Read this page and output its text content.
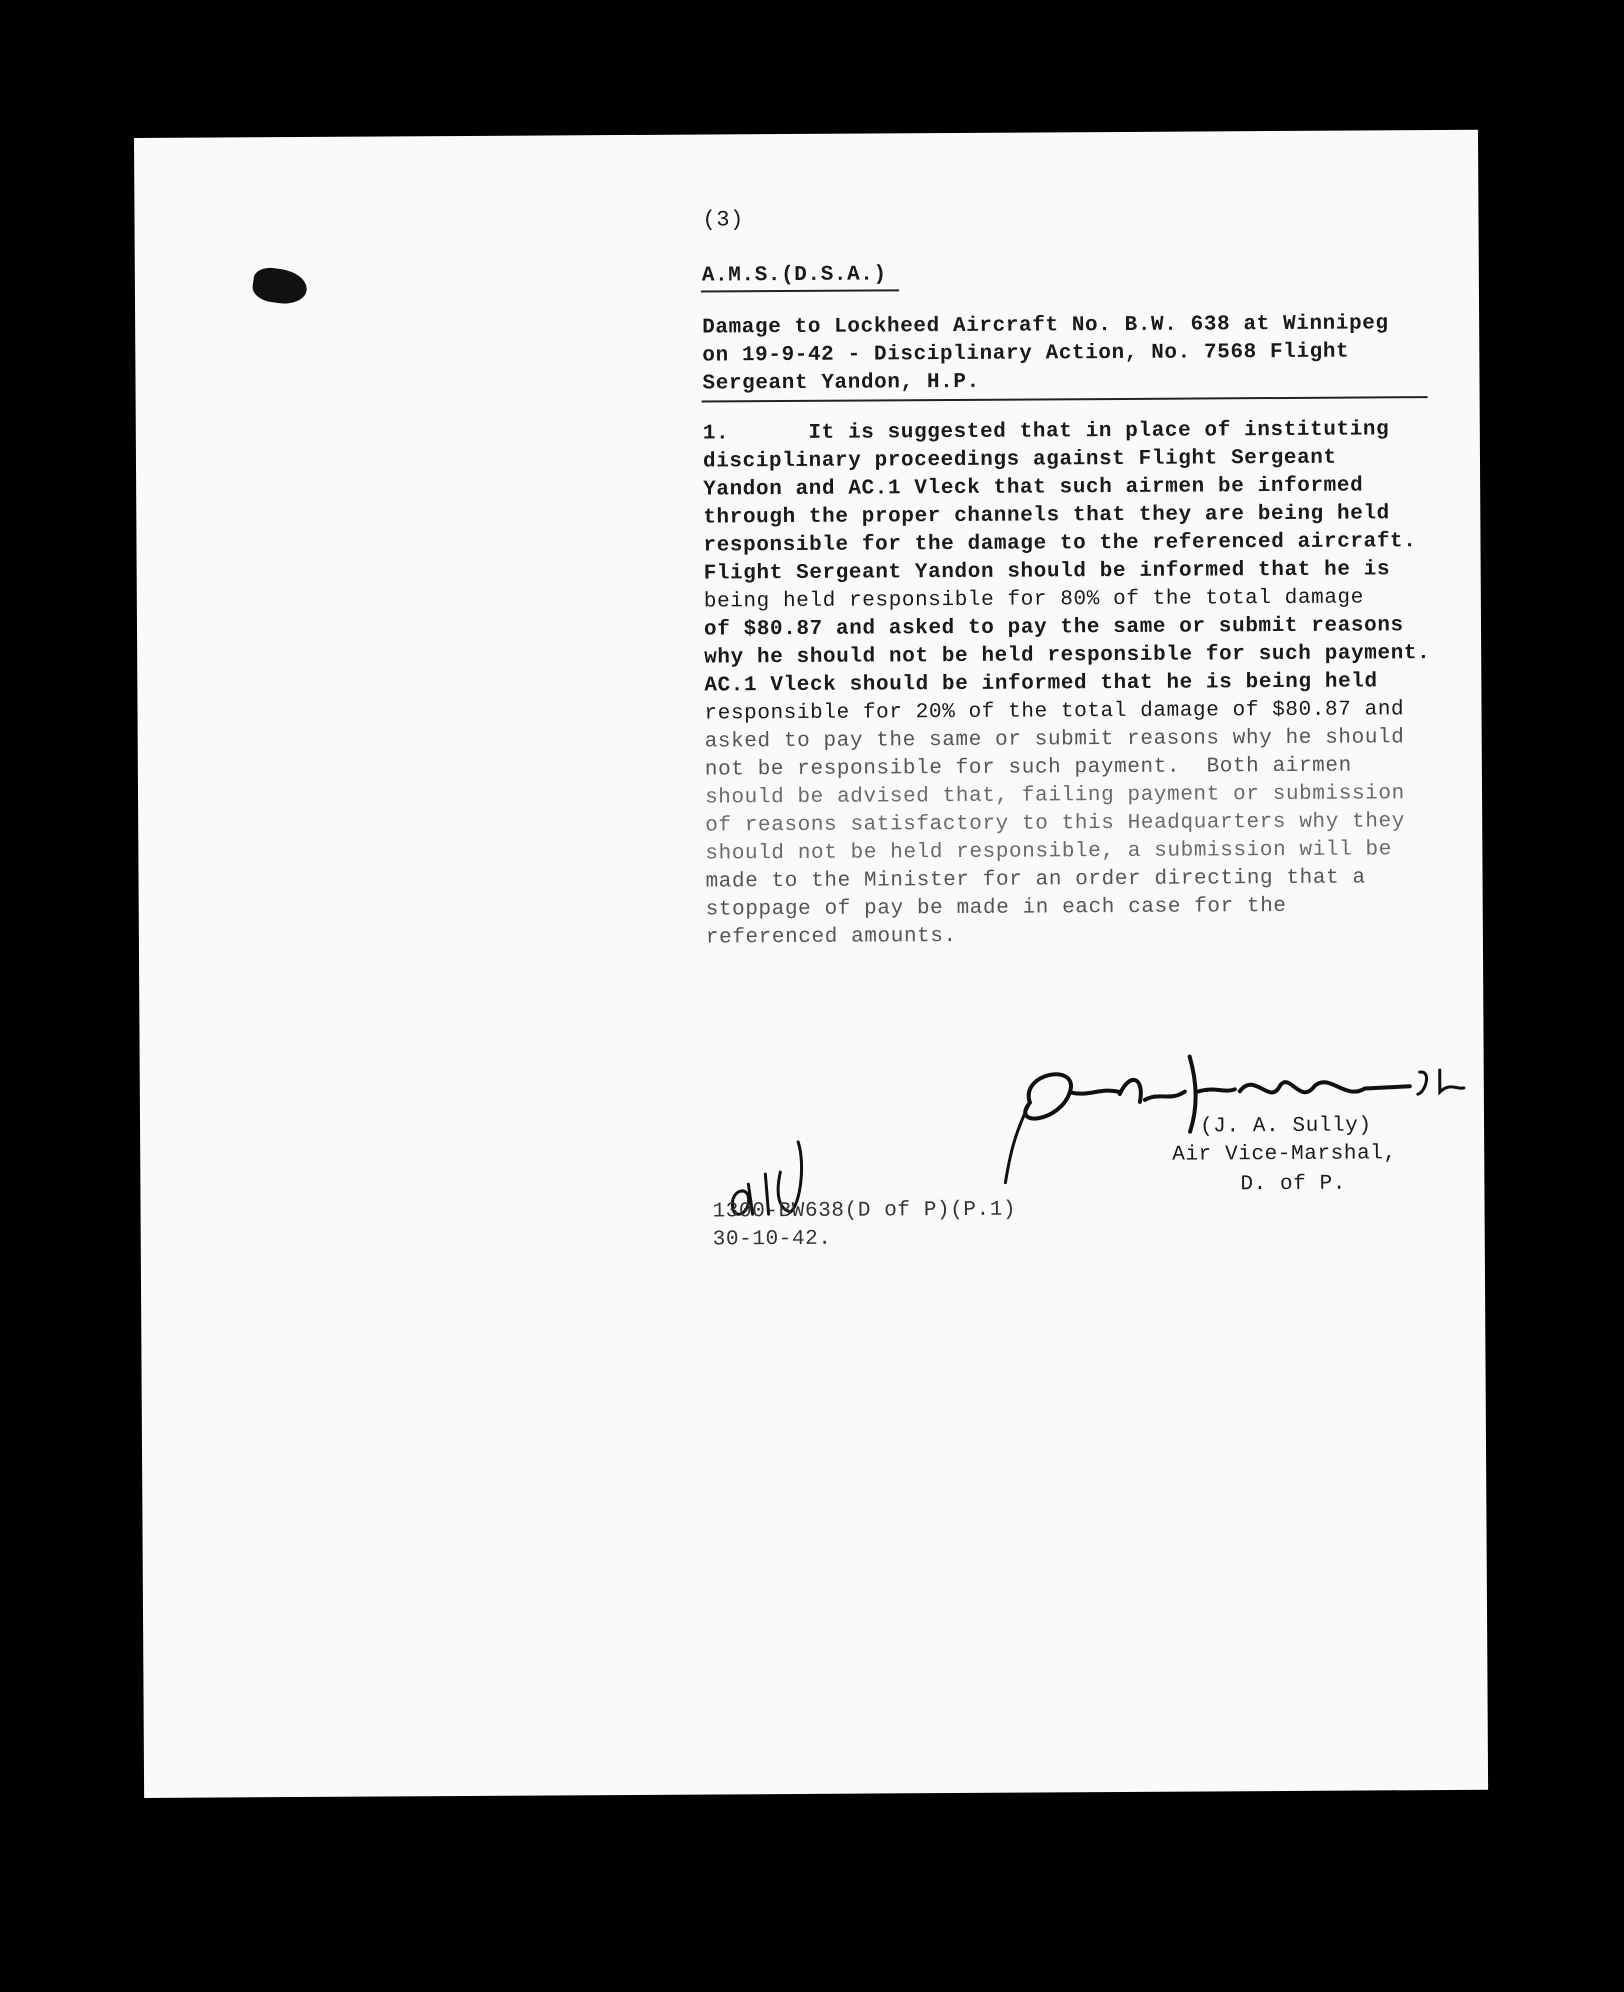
(3)
A.M.S.(D.S.A.)
Damage to Lockheed Aircraft No. B.W. 638 at Winnipeg
on 19-9-42 - Disciplinary Action, No. 7568 Flight
Sergeant Yandon, H.P.
1.      It is suggested that in place of instituting
disciplinary proceedings against Flight Sergeant
Yandon and AC.1 Vleck that such airmen be informed
through the proper channels that they are being held
responsible for the damage to the referenced aircraft.
Flight Sergeant Yandon should be informed that he is
being held responsible for 80% of the total damage
of $80.87 and asked to pay the same or submit reasons
why he should not be held responsible for such payment.
AC.1 Vleck should be informed that he is being held
responsible for 20% of the total damage of $80.87 and
asked to pay the same or submit reasons why he should
not be responsible for such payment.  Both airmen
should be advised that, failing payment or submission
of reasons satisfactory to this Headquarters why they
should not be held responsible, a submission will be
made to the Minister for an order directing that a
stoppage of pay be made in each case for the
referenced amounts.
(J. A. Sully)
Air Vice-Marshal,
D. of P.
1300-BW638(D of P)(P.1)
30-10-42.
